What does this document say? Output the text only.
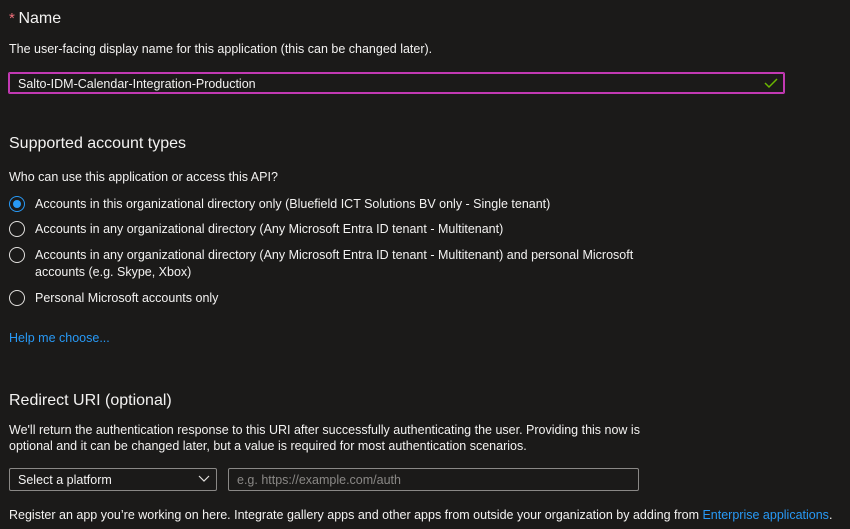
* Name
The user-facing display name for this application (this can be changed later).
Salto-IDM-Calendar-Integration-Production
Supported account types
Who can use this application or access this API?
Accounts in this organizational directory only (Bluefield ICT Solutions BV only - Single tenant)
Accounts in any organizational directory (Any Microsoft Entra ID tenant - Multitenant)
Accounts in any organizational directory (Any Microsoft Entra ID tenant - Multitenant) and personal Microsoft
accounts (e.g. Skype, Xbox)
Personal Microsoft accounts only
Help me choose...
Redirect URI (optional)
We'll return the authentication response to this URI after successfully authenticating the user. Providing this now is
optional and it can be changed later, but a value is required for most authentication scenarios.
Select a platform	e.g. https://example.com/auth
Register an app you’re working on here. Integrate gallery apps and other apps from outside your organization by adding from Enterprise applications.
